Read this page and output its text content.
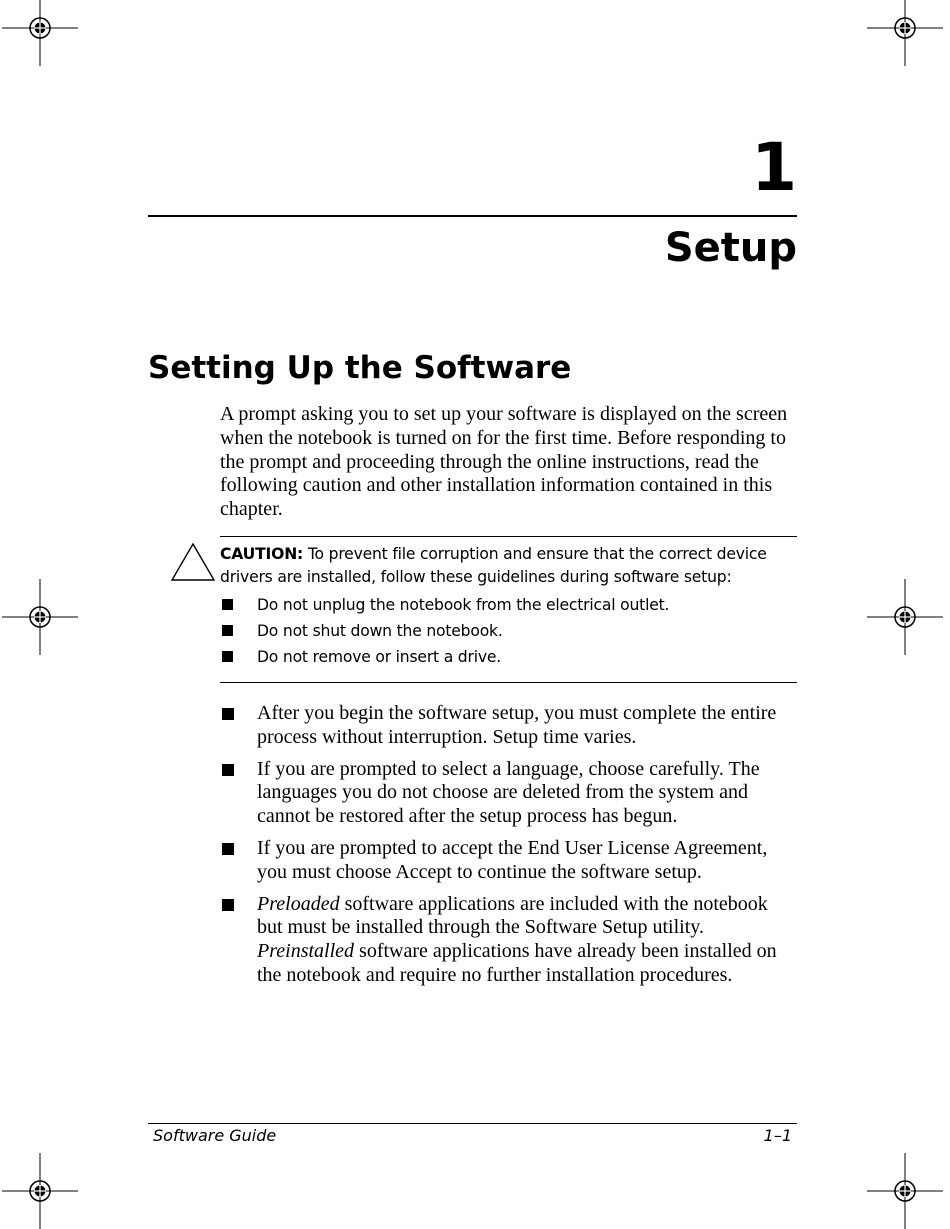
1

Setup
Setting Up the Software

A prompt asking you to set up your software is displayed on the screen when the notebook is turned on for the first time. Before responding to the prompt and proceeding through the online instructions, read the following caution and other installation information contained in this chapter.

CAUTION: To prevent file corruption and ensure that the correct device drivers are installed, follow these guidelines during software setup:

Do not unplug the notebook from the electrical outlet.
Do not shut down the notebook.
Do not remove or insert a drive.
After you begin the software setup, you must complete the entire process without interruption. Setup time varies.
If you are prompted to select a language, choose carefully. The languages you do not choose are deleted from the system and cannot be restored after the setup process has begun.
If you are prompted to accept the End User License Agreement, you must choose Accept to continue the software setup.
Preloaded software applications are included with the notebook but must be installed through the Software Setup utility. Preinstalled software applications have already been installed on the notebook and require no further installation procedures.

Software Guide	1–1
